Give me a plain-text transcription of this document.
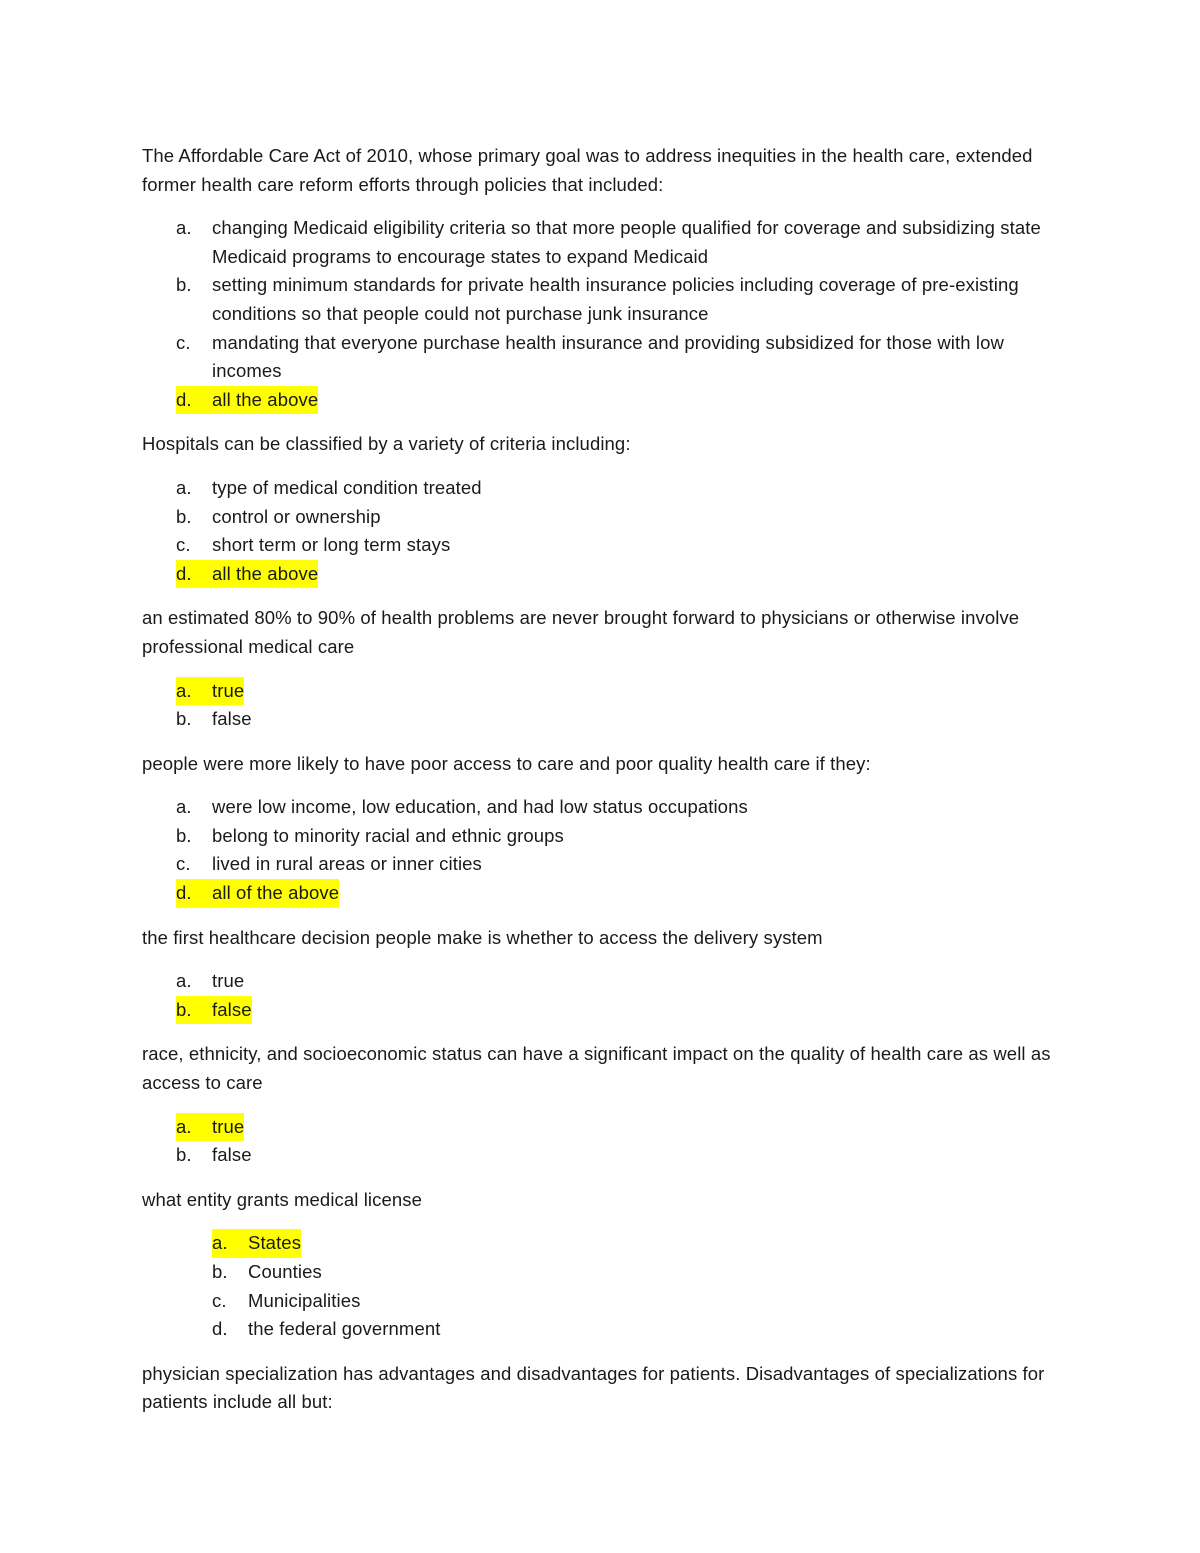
The Affordable Care Act of 2010, whose primary goal was to address inequities in the health care, extended former health care reform efforts through policies that included:

a.	changing Medicaid eligibility criteria so that more people qualified for coverage and subsidizing state Medicaid programs to encourage states to expand Medicaid
b.	setting minimum standards for private health insurance policies including coverage of pre-existing conditions so that people could not purchase junk insurance
c.	mandating that everyone purchase health insurance and providing subsidized for those with low incomes
d.	all the above

Hospitals can be classified by a variety of criteria including:

a.	type of medical condition treated
b.	control or ownership
c.	short term or long term stays
d.	all the above

an estimated 80% to 90% of health problems are never brought forward to physicians or otherwise involve professional medical care

a.	true
b.	false

people were more likely to have poor access to care and poor quality health care if they:

a.	were low income, low education, and had low status occupations
b.	belong to minority racial and ethnic groups
c.	lived in rural areas or inner cities
d.	all of the above

the first healthcare decision people make is whether to access the delivery system

a.	true
b.	false

race, ethnicity, and socioeconomic status can have a significant impact on the quality of health care as well as access to care

a.	true
b.	false

what entity grants medical license

a.	States
b.	Counties
c.	Municipalities
d.	the federal government

physician specialization has advantages and disadvantages for patients. Disadvantages of specializations for patients include all but:
